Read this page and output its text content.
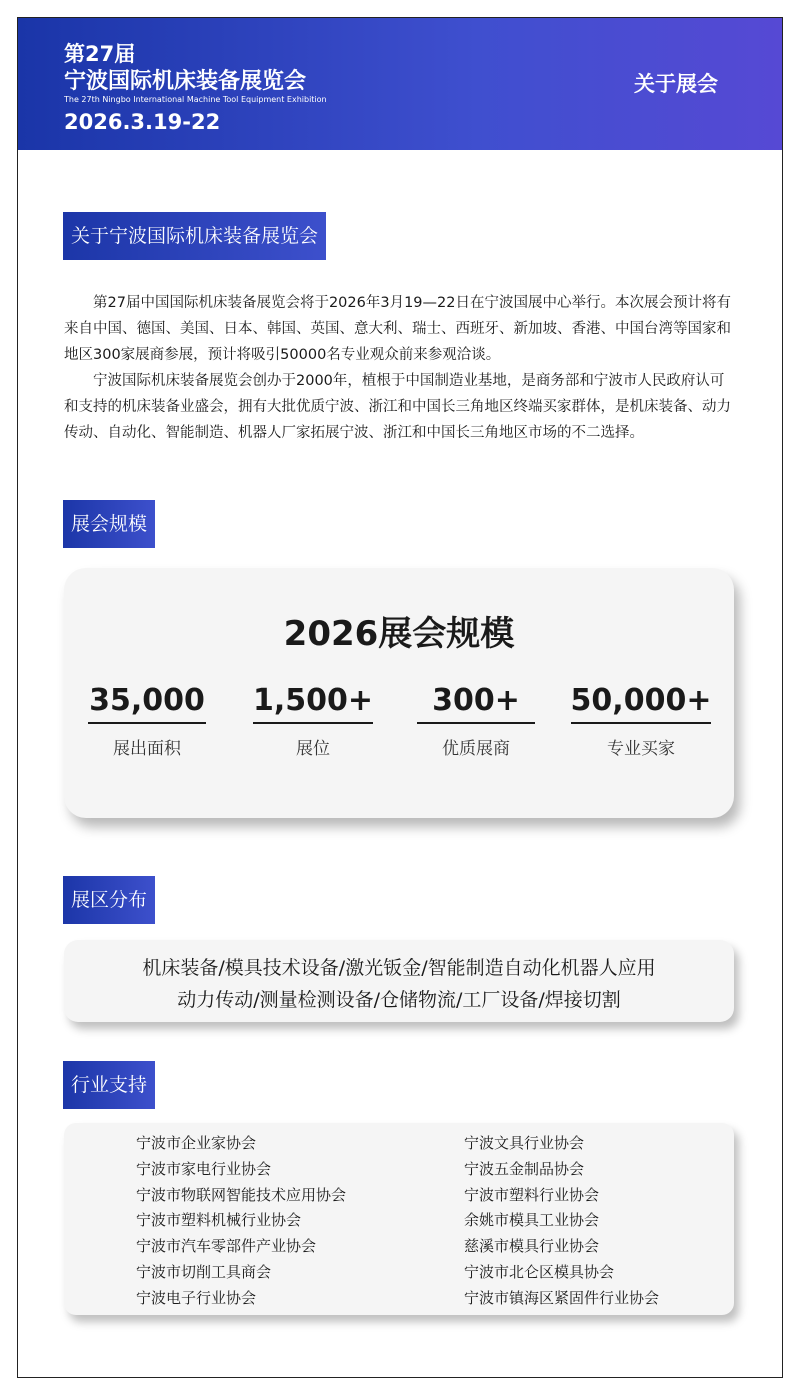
第27届
宁波国际机床装备展览会
The 27th Ningbo International Machine Tool Equipment Exhibition
2026.3.19-22
关于展会
关于宁波国际机床装备展览会

第27届中国国际机床装备展览会将于2026年3月19—22日在宁波国展中心举行。本次展会预计将有来自中国、德国、美国、日本、韩国、英国、意大利、瑞士、西班牙、新加坡、香港、中国台湾等国家和地区300家展商参展，预计将吸引50000名专业观众前来参观洽谈。

宁波国际机床装备展览会创办于2000年，植根于中国制造业基地，是商务部和宁波市人民政府认可和支持的机床装备业盛会，拥有大批优质宁波、浙江和中国长三角地区终端买家群体，是机床装备、动力传动、自动化、智能制造、机器人厂家拓展宁波、浙江和中国长三角地区市场的不二选择。

展会规模
2026展会规模
35,000
展出面积
1,500+
展位
300+
优质展商
50,000+
专业买家
展区分布
机床装备/模具技术设备/激光钣金/智能制造自动化机器人应用
动力传动/测量检测设备/仓储物流/工厂设备/焊接切割
行业支持
宁波市企业家协会
宁波市家电行业协会
宁波市物联网智能技术应用协会
宁波市塑料机械行业协会
宁波市汽车零部件产业协会
宁波市切削工具商会
宁波电子行业协会
宁波文具行业协会
宁波五金制品协会
宁波市塑料行业协会
余姚市模具工业协会
慈溪市模具行业协会
宁波市北仑区模具协会
宁波市镇海区紧固件行业协会
